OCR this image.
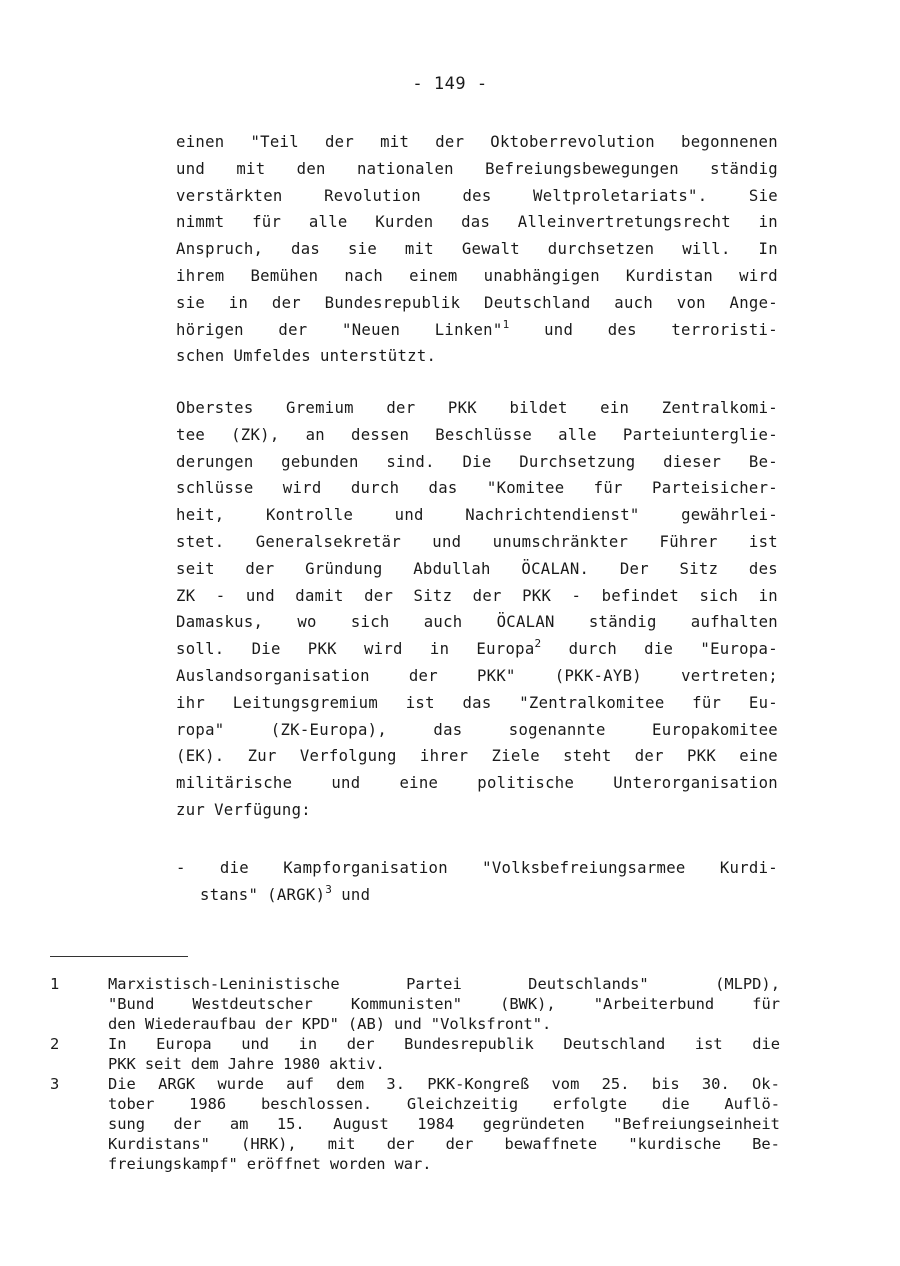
- 149 -
einen "Teil der mit der Oktoberrevolution begonnenen
und mit den nationalen Befreiungsbewegungen ständig
verstärkten	Revolution	des	Weltproletariats".	Sie
nimmt für alle Kurden das Alleinvertretungsrecht in
Anspruch, das sie mit Gewalt durchsetzen will. In
ihrem Bemühen nach einem unabhängigen Kurdistan wird
sie in der Bundesrepublik Deutschland auch von Ange-
hörigen der "Neuen Linken"$^1$ und des terroristi-
schen Umfeldes unterstützt.
Oberstes Gremium der PKK bildet ein Zentralkomi-
tee (ZK), an dessen Beschlüsse alle Parteiunterglie-
derungen gebunden sind. Die Durchsetzung dieser Be-
schlüsse wird durch das "Komitee für Parteisicher-
heit,	Kontrolle	und	Nachrichtendienst"	gewährlei-
stet. Generalsekretär und unumschränkter Führer ist
seit der Gründung Abdullah ÖCALAN. Der Sitz des
ZK - und damit der Sitz der PKK - befindet sich in
Damaskus, wo sich auch ÖCALAN ständig aufhalten
soll. Die PKK wird in Europa$^2$ durch die "Europa-
Auslandsorganisation	der	PKK"	(PKK-AYB)	vertreten;
ihr Leitungsgremium ist das "Zentralkomitee für Eu-
ropa"	(ZK-Europa),	das	sogenannte	Europakomitee
(EK). Zur Verfolgung ihrer Ziele steht der PKK eine
militärische	und	eine	politische	Unterorganisation
zur Verfügung:
- die Kampforganisation "Volksbefreiungsarmee Kurdi-
stans" (ARGK)$^3$ und
1	Marxistisch-Leninistische	Partei	Deutschlands"	(MLPD),
"Bund Westdeutscher Kommunisten" (BWK), "Arbeiterbund für
den Wiederaufbau der KPD" (AB) und "Volksfront".
2	In Europa und in der Bundesrepublik Deutschland ist die
PKK seit dem Jahre 1980 aktiv.
3	Die ARGK wurde auf dem 3. PKK-Kongreß vom 25. bis 30. Ok-
tober 1986 beschlossen. Gleichzeitig erfolgte die Auflö-
sung der am 15. August 1984 gegründeten "Befreiungseinheit
Kurdistans" (HRK), mit der der bewaffnete "kurdische Be-
freiungskampf" eröffnet worden war.
